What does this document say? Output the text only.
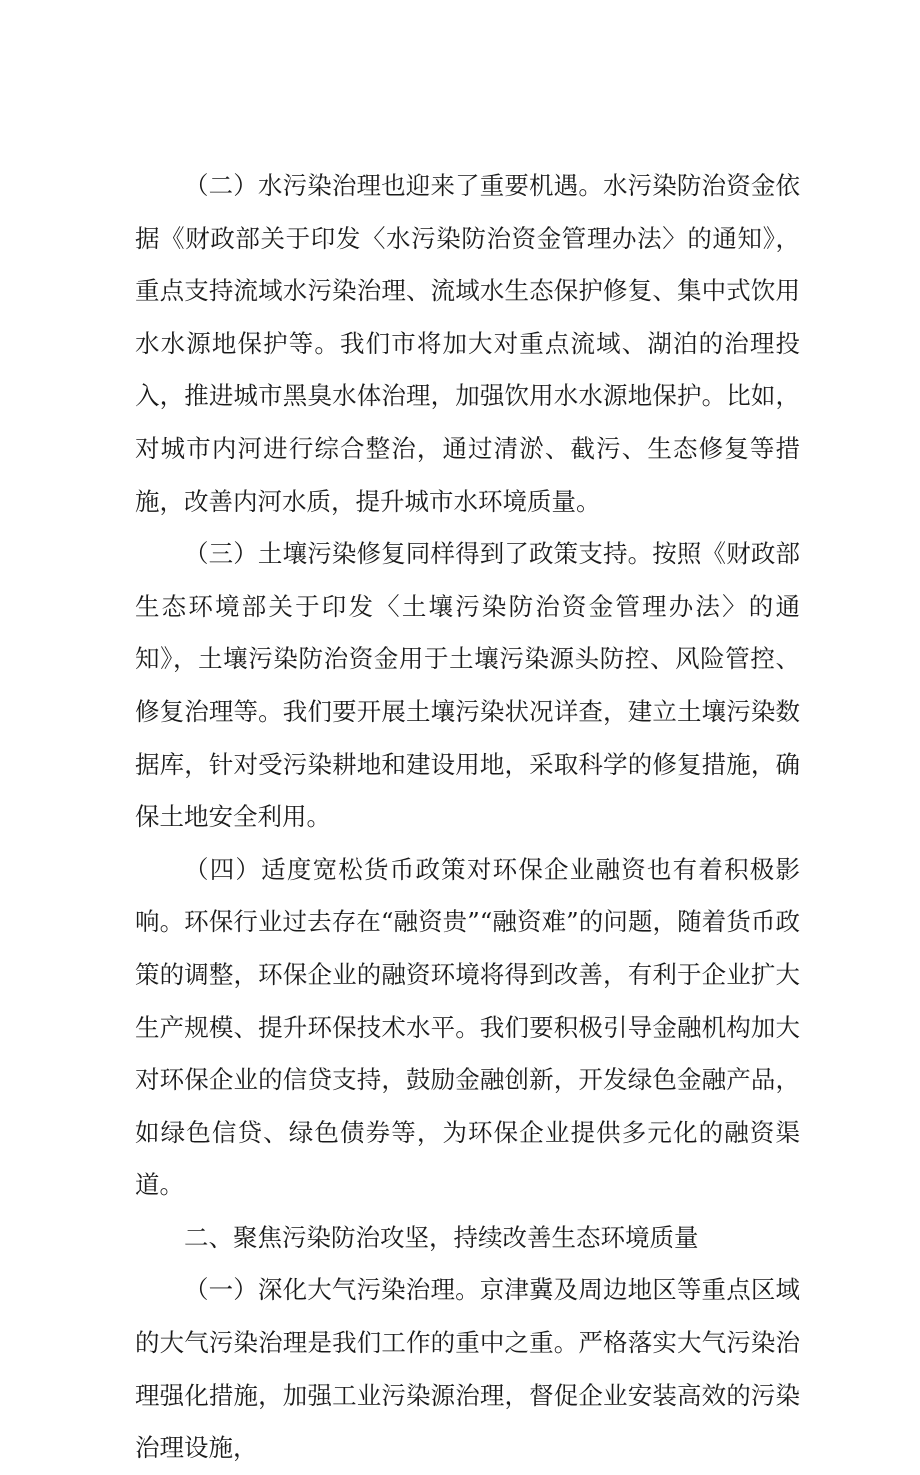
（二）水污染治理也迎来了重要机遇。水污染防治资金依据《财政部关于印发〈水污染防治资金管理办法〉的通知》，重点支持流域水污染治理、流域水生态保护修复、集中式饮用水水源地保护等。我们市将加大对重点流域、湖泊的治理投入，推进城市黑臭水体治理，加强饮用水水源地保护。比如，对城市内河进行综合整治，通过清淤、截污、生态修复等措施，改善内河水质，提升城市水环境质量。

（三）土壤污染修复同样得到了政策支持。按照《财政部生态环境部关于印发〈土壤污染防治资金管理办法〉的通知》，土壤污染防治资金用于土壤污染源头防控、风险管控、修复治理等。我们要开展土壤污染状况详查，建立土壤污染数据库，针对受污染耕地和建设用地，采取科学的修复措施，确保土地安全利用。

（四）适度宽松货币政策对环保企业融资也有着积极影响。环保行业过去存在“融资贵”“融资难”的问题，随着货币政策的调整，环保企业的融资环境将得到改善，有利于企业扩大生产规模、提升环保技术水平。我们要积极引导金融机构加大对环保企业的信贷支持，鼓励金融创新，开发绿色金融产品，如绿色信贷、绿色债券等，为环保企业提供多元化的融资渠道。

二、聚焦污染防治攻坚，持续改善生态环境质量

（一）深化大气污染治理。京津冀及周边地区等重点区域的大气污染治理是我们工作的重中之重。严格落实大气污染治理强化措施，加强工业污染源治理，督促企业安装高效的污染治理设施，
